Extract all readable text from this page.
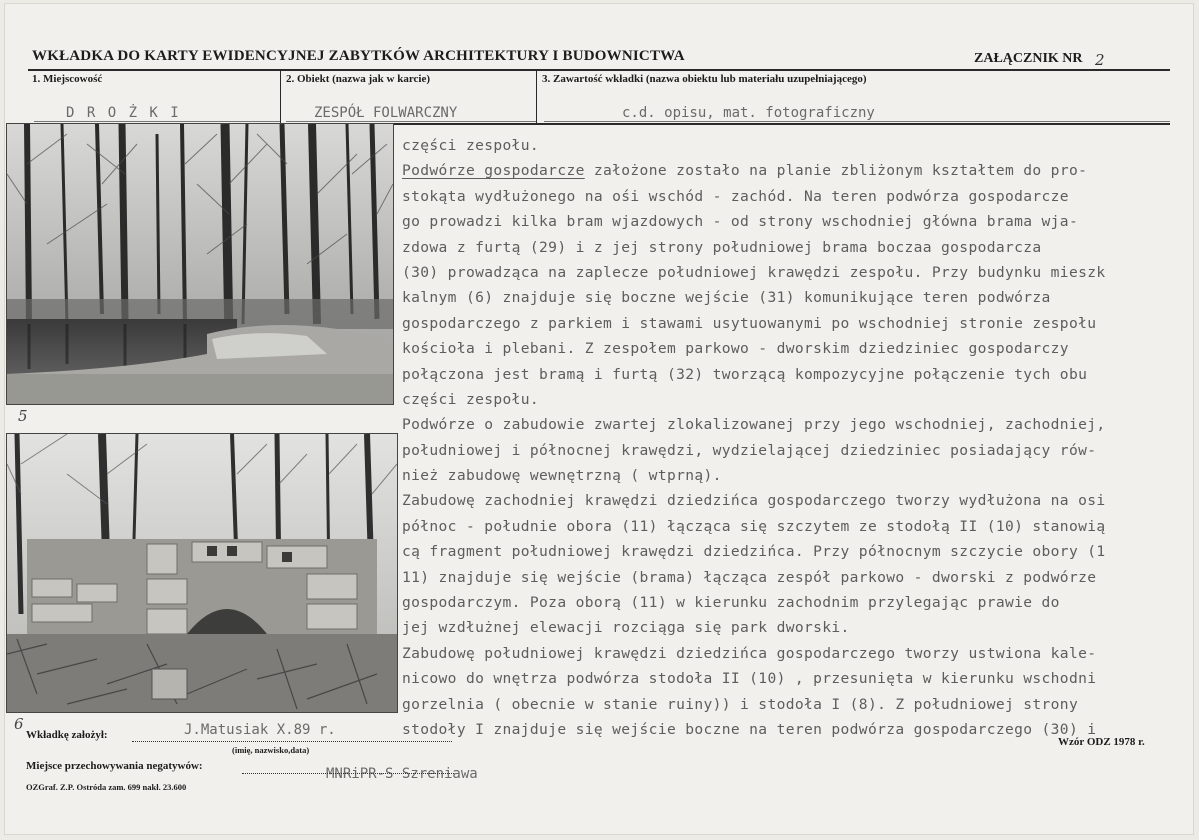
WKŁADKA DO KARTY EWIDENCYJNEJ ZABYTKÓW ARCHITEKTURY I BUDOWNICTWA	ZAŁĄCZNIK NR 2
1. Miejscowość	2. Obiekt (nazwa jak w karcie)	3. Zawartość wkładki (nazwa obiektu lub materiału uzupełniającego)
D R O Ż K I	ZESPÓŁ FOLWARCZNY	c.d. opisu, mat. fotograficzny
5
6
części zespołu.
Podwórze gospodarcze założone zostało na planie zbliżonym kształtem do pro-
stokąta wydłużonego na ośi wschód - zachód. Na teren podwórza gospodarcze
go prowadzi kilka bram wjazdowych - od strony wschodniej główna brama wja-
zdowa z furtą (29) i z jej strony południowej brama boczaa gospodarcza
(30) prowadząca na zaplecze południowej krawędzi zespołu. Przy budynku mieszk
kalnym (6) znajduje się boczne wejście (31) komunikujące teren podwórza
gospodarczego z parkiem i stawami usytuowanymi po wschodniej stronie zespołu
kościoła i plebani. Z zespołem parkowo - dworskim dziedziniec gospodarczy
połączona jest bramą i furtą (32) tworzącą kompozycyjne połączenie tych obu
części zespołu.
Podwórze o zabudowie zwartej zlokalizowanej przy jego wschodniej, zachodniej,
południowej i północnej krawędzi, wydzielającej dziedziniec posiadający rów-
nież zabudowę wewnętrzną ( wtprną).
Zabudowę zachodniej krawędzi dziedzińca gospodarczego tworzy wydłużona na osi
północ - południe obora (11) łącząca się szczytem ze stodołą II (10) stanowią
cą fragment południowej krawędzi dziedzińca. Przy północnym szczycie obory (1
11) znajduje się wejście (brama) łącząca zespół parkowo - dworski z podwórze
gospodarczym. Poza oborą (11) w kierunku zachodnim przylegając prawie do
jej wzdłużnej elewacji rozciąga się park dworski.
Zabudowę południowej krawędzi dziedzińca gospodarczego tworzy ustwiona kale-
nicowo do wnętrza podwórza stodoła II (10) , przesunięta w kierunku wschodni
gorzelnia ( obecnie w stanie ruiny)) i stodoła I (8). Z południowej strony
stodoły I znajduje się wejście boczne na teren podwórza gospodarczego (30) i
Wkładkę założył:	J.Matusiak X.89 r.
(imię, nazwisko,data)
Wzór ODZ 1978 r.
Miejsce przechowywania negatywów:	MNRiPR-S Szreniawa
OZGraf. Z.P. Ostróda zam. 699 nakł. 23.600
